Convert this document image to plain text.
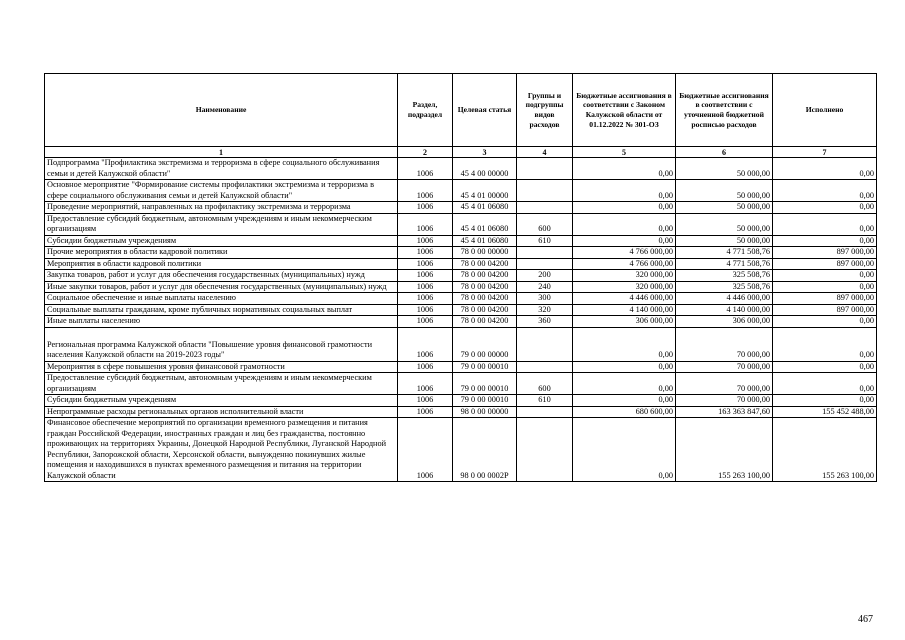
Наименование	Раздел, подраздел	Целевая статья	Группы и подгруппы видов расходов	Бюджетные ассигнования в соответствии с Законом Калужской области от 01.12.2022 № 301-ОЗ	Бюджетные ассигнования в соответствии с уточненной бюджетной росписью расходов	Исполнено
1	2	3	4	5	6	7
Подпрограмма "Профилактика экстремизма и терроризма в сфере социального обслуживания семьи и детей Калужской области"	1006	45 4 00 00000		0,00	50 000,00	0,00
Основное мероприятие "Формирование системы профилактики экстремизма и терроризма в сфере социального обслуживания семьи и детей Калужской области"	1006	45 4 01 00000		0,00	50 000,00	0,00
Проведение мероприятий, направленных на профилактику экстремизма и терроризма	1006	45 4 01 06080		0,00	50 000,00	0,00
Предоставление субсидий бюджетным, автономным учреждениям и иным некоммерческим организациям	1006	45 4 01 06080	600	0,00	50 000,00	0,00
Субсидии бюджетным учреждениям	1006	45 4 01 06080	610	0,00	50 000,00	0,00
Прочие мероприятия в области кадровой политики	1006	78 0 00 00000		4 766 000,00	4 771 508,76	897 000,00
Мероприятия в области кадровой политики	1006	78 0 00 04200		4 766 000,00	4 771 508,76	897 000,00
Закупка товаров, работ и услуг для обеспечения государственных (муниципальных) нужд	1006	78 0 00 04200	200	320 000,00	325 508,76	0,00
Иные закупки товаров, работ и услуг для обеспечения государственных (муниципальных) нужд	1006	78 0 00 04200	240	320 000,00	325 508,76	0,00
Социальное обеспечение и иные выплаты населению	1006	78 0 00 04200	300	4 446 000,00	4 446 000,00	897 000,00
Социальные выплаты гражданам, кроме публичных нормативных социальных выплат	1006	78 0 00 04200	320	4 140 000,00	4 140 000,00	897 000,00
Иные выплаты населению	1006	78 0 00 04200	360	306 000,00	306 000,00	0,00
Региональная программа Калужской области "Повышение уровня финансовой грамотности населения Калужской области на 2019-2023 годы"	1006	79 0 00 00000		0,00	70 000,00	0,00
Мероприятия в сфере повышения уровня финансовой грамотности	1006	79 0 00 00010		0,00	70 000,00	0,00
Предоставление субсидий бюджетным, автономным учреждениям и иным некоммерческим организациям	1006	79 0 00 00010	600	0,00	70 000,00	0,00
Субсидии бюджетным учреждениям	1006	79 0 00 00010	610	0,00	70 000,00	0,00
Непрограммные расходы региональных органов исполнительной власти	1006	98 0 00 00000		680 600,00	163 363 847,60	155 452 488,00
Финансовое обеспечение мероприятий по организации временного размещения и питания граждан Российской Федерации, иностранных граждан и лиц без гражданства, постоянно проживающих на территориях Украины, Донецкой Народной Республики, Луганской Народной Республики, Запорожской области, Херсонской области, вынужденно покинувших жилые помещения и находившихся в пунктах временного размещения и питания на территории Калужской области	1006	98 0 00 0002Р		0,00	155 263 100,00	155 263 100,00
467
